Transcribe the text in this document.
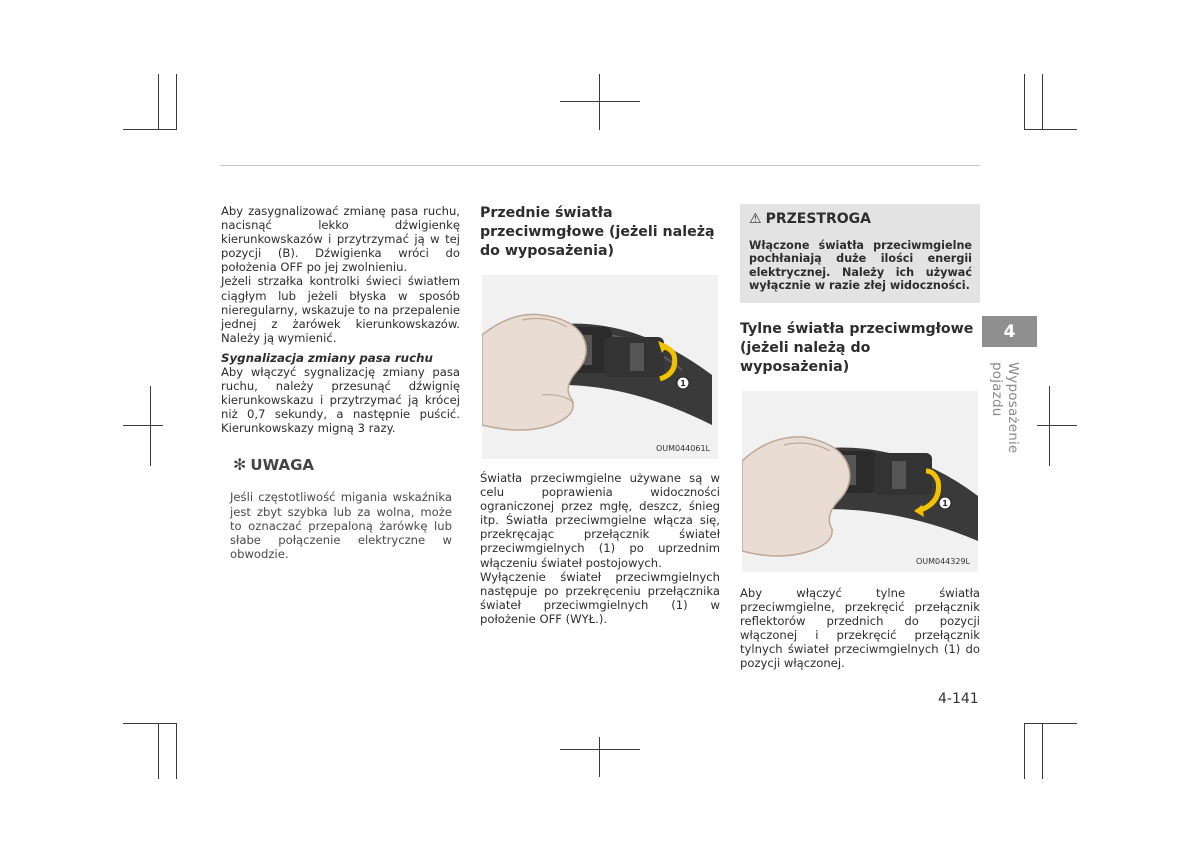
Aby zasygnalizować zmianę pasa ruchu, nacisnąć lekko dźwigienkę kierunkowskazów i przytrzymać ją w tej pozycji (B). Dźwigienka wróci do położenia OFF po jej zwolnieniu.

Jeżeli strzałka kontrolki świeci światłem ciągłym lub jeżeli błyska w sposób nieregularny, wskazuje to na przepalenie jednej z żarówek kierunkowskazów. Należy ją wymienić.

Sygnalizacja zmiany pasa ruchu

Aby włączyć sygnalizację zmiany pasa ruchu, należy przesunąć dźwignię kierunkowskazu i przytrzymać ją krócej niż 0,7 sekundy, a następnie puścić. Kierunkowskazy migną 3 razy.

✻ UWAGA

Jeśli częstotliwość migania wskaźnika jest zbyt szybka lub za wolna, może to oznaczać przepaloną żarówkę lub słabe połączenie elektryczne w obwodzie.

Przednie światła przeciwmgłowe (jeżeli należą do wyposażenia)
1
OUM044061L

Światła przeciwmgielne używane są w celu poprawienia widoczności ograniczonej przez mgłę, deszcz, śnieg itp. Światła przeciwmgielne włącza się, przekręcając przełącznik świateł przeciwmgielnych (1) po uprzednim włączeniu świateł postojowych.

Wyłączenie świateł przeciwmgielnych następuje po przekręceniu przełącznika świateł przeciwmgielnych (1) w położenie OFF (WYŁ.).

⚠ PRZESTROGA

Włączone światła przeciwmgielne pochłaniają duże ilości energii elektrycznej. Należy ich używać wyłącznie w razie złej widoczności.

Tylne światła przeciwmgłowe (jeżeli należą do wyposażenia)
1
OUM044329L

Aby włączyć tylne światła przeciwmgielne, przekręcić przełącznik reflektorów przednich do pozycji włączonej i przekręcić przełącznik tylnych świateł przeciwmgielnych (1) do pozycji włączonej.

4
Wyposażenie pojazdu
4-141
